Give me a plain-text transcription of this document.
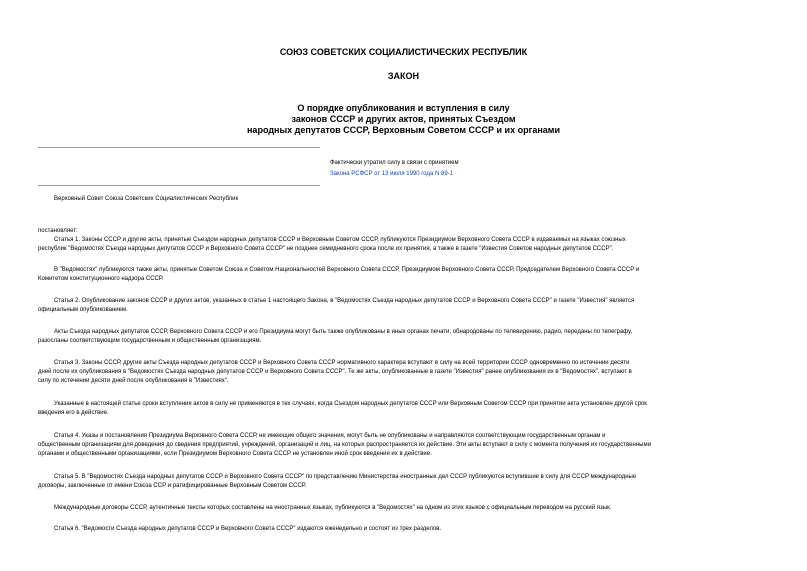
СОЮЗ СОВЕТСКИХ СОЦИАЛИСТИЧЕСКИХ РЕСПУБЛИК
ЗАКОН
О порядке опубликования и вступления в силу
законов СССР и других актов, принятых Съездом
народных депутатов СССР, Верховным Советом СССР и их органами
Фактически утратил силу в связи с принятием
Закона РСФСР от 13 июля 1990 года N 89-1
Верховный Совет Союза Советских Социалистических Республик
постановляет:
Статья 1. Законы СССР и другие акты, принятые Съездом народных депутатов СССР и Верховным Советом СССР, публикуются Президиумом Верховного Совета СССР в издаваемых на языках союзных
республик "Ведомостях Съезда народных депутатов СССР и Верховного Совета СССР" не позднее семидневного срока после их принятия, а также в газете "Известия Советов народных депутатов СССР".
В "Ведомостях" публикуются также акты, принятые Советом Союза и Советом Национальностей Верховного Совета СССР, Президиумом Верховного Совета СССР, Председателем Верховного Совета СССР и
Комитетом конституционного надзора СССР.
Статья 2. Опубликование законов СССР и других актов, указанных в статье 1 настоящего Закона, в "Ведомостях Съезда народных депутатов СССР и Верховного Совета СССР" и газете "Известия" является
официальным опубликованием.
Акты Съезда народных депутатов СССР, Верховного Совета СССР и его Президиума могут быть также опубликованы в иных органах печати, обнародованы по телевидению, радио, переданы по телеграфу,
разосланы соответствующим государственным и общественным организациям.
Статья 3. Законы СССР, другие акты Съезда народных депутатов СССР и Верховного Совета СССР нормативного характера вступают в силу на всей территории СССР одновременно по истечении десяти
дней после их опубликования в "Ведомостях Съезда народных депутатов СССР и Верховного Совета СССР". Те же акты, опубликованные в газете "Известия" ранее опубликования их в "Ведомостях", вступают в
силу по истечении десяти дней после опубликования в "Известиях".
Указанные в настоящей статье сроки вступления актов в силу не применяются в тех случаях, когда Съездом народных депутатов СССР или Верховным Советом СССР при принятии акта установлен другой срок
введения его в действие.
Статья 4. Указы и постановления Президиума Верховного Совета СССР, не имеющие общего значения, могут быть не опубликованы и направляются соответствующим государственным органам и
общественным организациям для доведения до сведения предприятий, учреждений, организаций и лиц, на которых распространяется их действие. Эти акты вступают в силу с момента получения их государственными
органами и общественными организациями, если Президиумом Верховного Совета СССР не установлен иной срок введения их в действие.
Статья 5. В "Ведомостях Съезда народных депутатов СССР и Верховного Совета СССР" по представлению Министерства иностранных дел СССР публикуются вступившие в силу для СССР международные
договоры, заключенные от имени Союза ССР и ратифицированные Верховным Советом СССР.
Международные договоры СССР, аутентичные тексты которых составлены на иностранных языках, публикуются в "Ведомостях" на одном из этих языков с официальным переводом на русский язык.
Статья 6. "Ведомости Съезда народных депутатов СССР и Верховного Совета СССР" издаются еженедельно и состоят из трех разделов.
